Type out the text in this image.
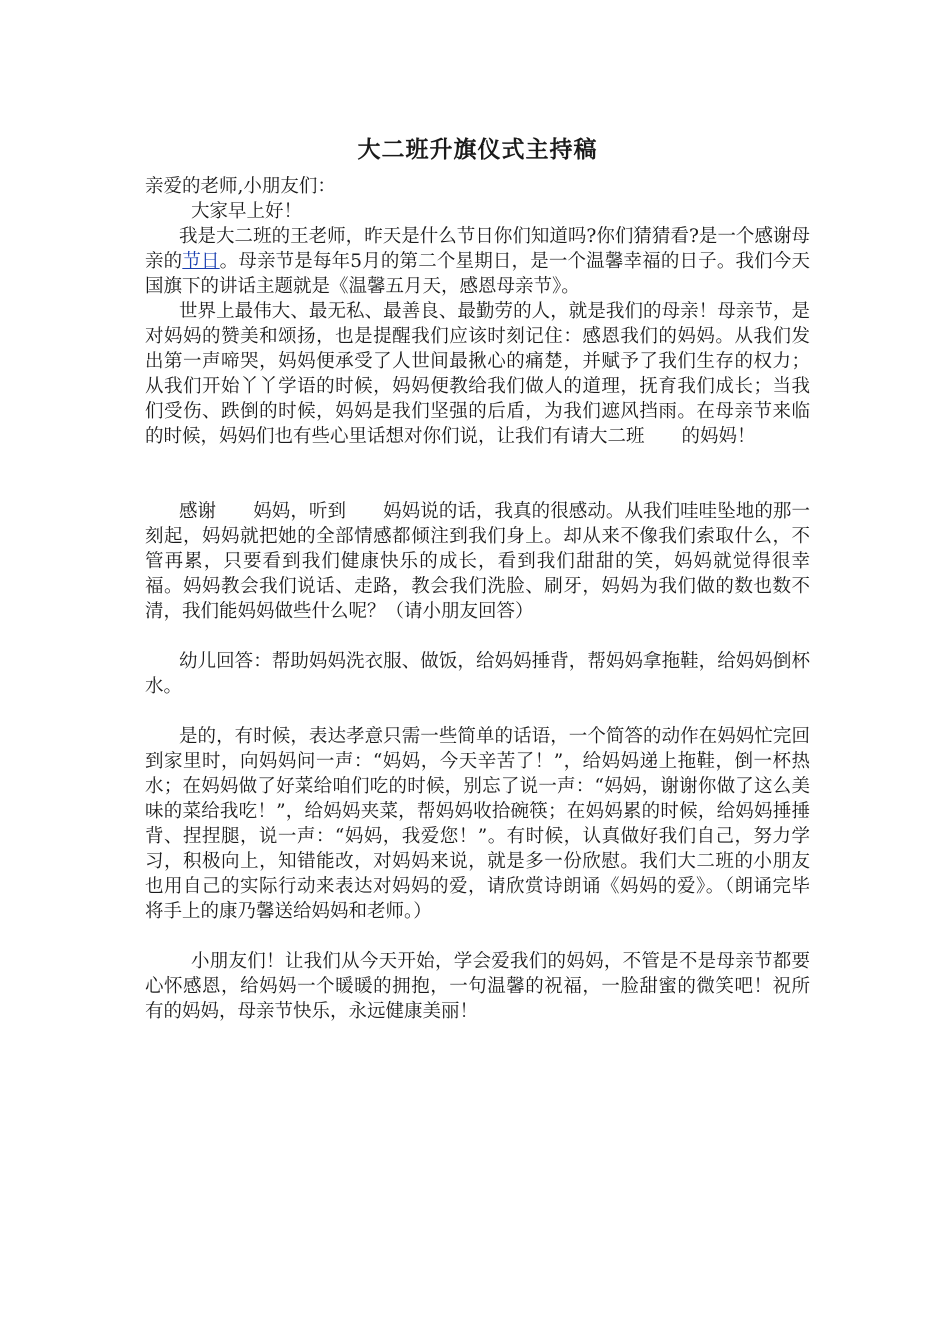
大二班升旗仪式主持稿

亲爱的老师,小朋友们：

大家早上好！

我是大二班的王老师，昨天是什么节日你们知道吗?你们猜猜看?是一个感谢母亲的节日。母亲节是每年5月的第二个星期日，是一个温馨幸福的日子。我们今天国旗下的讲话主题就是《温馨五月天，感恩母亲节》。

世界上最伟大、最无私、最善良、最勤劳的人，就是我们的母亲！母亲节，是对妈妈的赞美和颂扬，也是提醒我们应该时刻记住：感恩我们的妈妈。从我们发出第一声啼哭，妈妈便承受了人世间最揪心的痛楚，并赋予了我们生存的权力；从我们开始丫丫学语的时候，妈妈便教给我们做人的道理，抚育我们成长；当我们受伤、跌倒的时候，妈妈是我们坚强的后盾，为我们遮风挡雨。在母亲节来临的时候，妈妈们也有些心里话想对你们说，让我们有请大二班　　的妈妈！

感谢　　妈妈，听到　　妈妈说的话，我真的很感动。从我们哇哇坠地的那一刻起，妈妈就把她的全部情感都倾注到我们身上。却从来不像我们索取什么，不管再累，只要看到我们健康快乐的成长，看到我们甜甜的笑，妈妈就觉得很幸福。妈妈教会我们说话、走路，教会我们洗脸、刷牙，妈妈为我们做的数也数不清，我们能妈妈做些什么呢？（请小朋友回答）

幼儿回答：帮助妈妈洗衣服、做饭，给妈妈捶背，帮妈妈拿拖鞋，给妈妈倒杯水。

是的，有时候，表达孝意只需一些简单的话语，一个简答的动作在妈妈忙完回到家里时，向妈妈问一声：“妈妈，今天辛苦了！”，给妈妈递上拖鞋，倒一杯热水；在妈妈做了好菜给咱们吃的时候，别忘了说一声：“妈妈，谢谢你做了这么美味的菜给我吃！”，给妈妈夹菜，帮妈妈收拾碗筷；在妈妈累的时候，给妈妈捶捶背、捏捏腿，说一声：“妈妈，我爱您！”。有时候，认真做好我们自己，努力学习，积极向上，知错能改，对妈妈来说，就是多一份欣慰。我们大二班的小朋友也用自己的实际行动来表达对妈妈的爱，请欣赏诗朗诵《妈妈的爱》。（朗诵完毕将手上的康乃馨送给妈妈和老师。）

小朋友们！让我们从今天开始，学会爱我们的妈妈，不管是不是母亲节都要心怀感恩，给妈妈一个暖暖的拥抱，一句温馨的祝福，一脸甜蜜的微笑吧！祝所有的妈妈，母亲节快乐，永远健康美丽！
